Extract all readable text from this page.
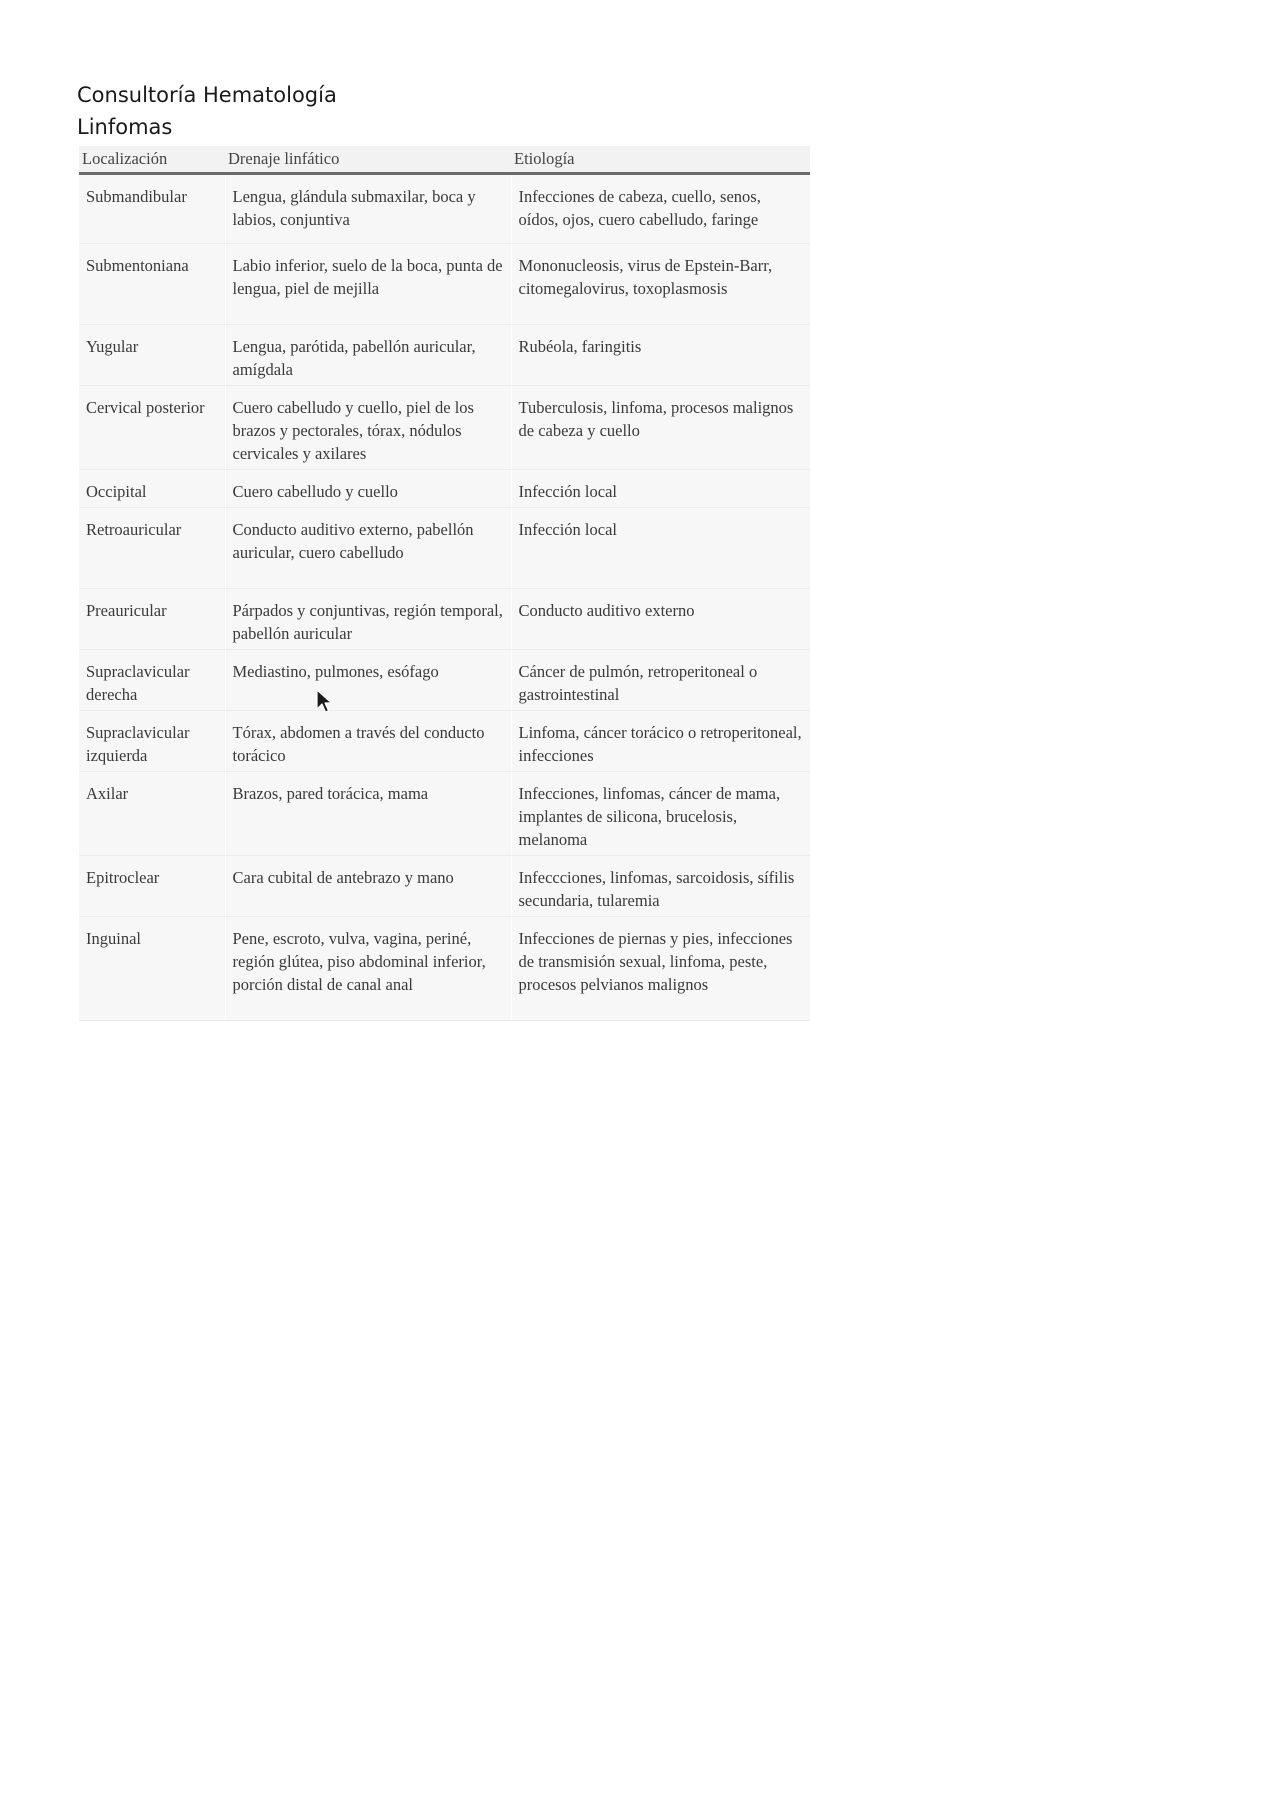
Consultoría Hematología
Linfomas
Localización	Drenaje linfático	Etiología
Submandibular	Lengua, glándula submaxilar, boca y labios, conjuntiva	Infecciones de cabeza, cuello, senos, oídos, ojos, cuero cabelludo, faringe
Submentoniana	Labio inferior, suelo de la boca, punta de lengua, piel de mejilla	Mononucleosis, virus de Epstein-Barr, citomegalovirus, toxoplasmosis
Yugular	Lengua, parótida, pabellón auricular, amígdala	Rubéola, faringitis
Cervical posterior	Cuero cabelludo y cuello, piel de los brazos y pectorales, tórax, nódulos cervicales y axilares	Tuberculosis, linfoma, procesos malignos de cabeza y cuello
Occipital	Cuero cabelludo y cuello	Infección local
Retroauricular	Conducto auditivo externo, pabellón auricular, cuero cabelludo	Infección local
Preauricular	Párpados y conjuntivas, región temporal, pabellón auricular	Conducto auditivo externo
Supraclavicular derecha	Mediastino, pulmones, esófago	Cáncer de pulmón, retroperitoneal o gastrointestinal
Supraclavicular izquierda	Tórax, abdomen a través del conducto torácico	Linfoma, cáncer torácico o retroperitoneal, infecciones
Axilar	Brazos, pared torácica, mama	Infecciones, linfomas, cáncer de mama, implantes de silicona, brucelosis, melanoma
Epitroclear	Cara cubital de antebrazo y mano	Infeccciones, linfomas, sarcoidosis, sífilis secundaria, tularemia
Inguinal	Pene, escroto, vulva, vagina, periné, región glútea, piso abdominal inferior, porción distal de canal anal	Infecciones de piernas y pies, infecciones de transmisión sexual, linfoma, peste, procesos pelvianos malignos
